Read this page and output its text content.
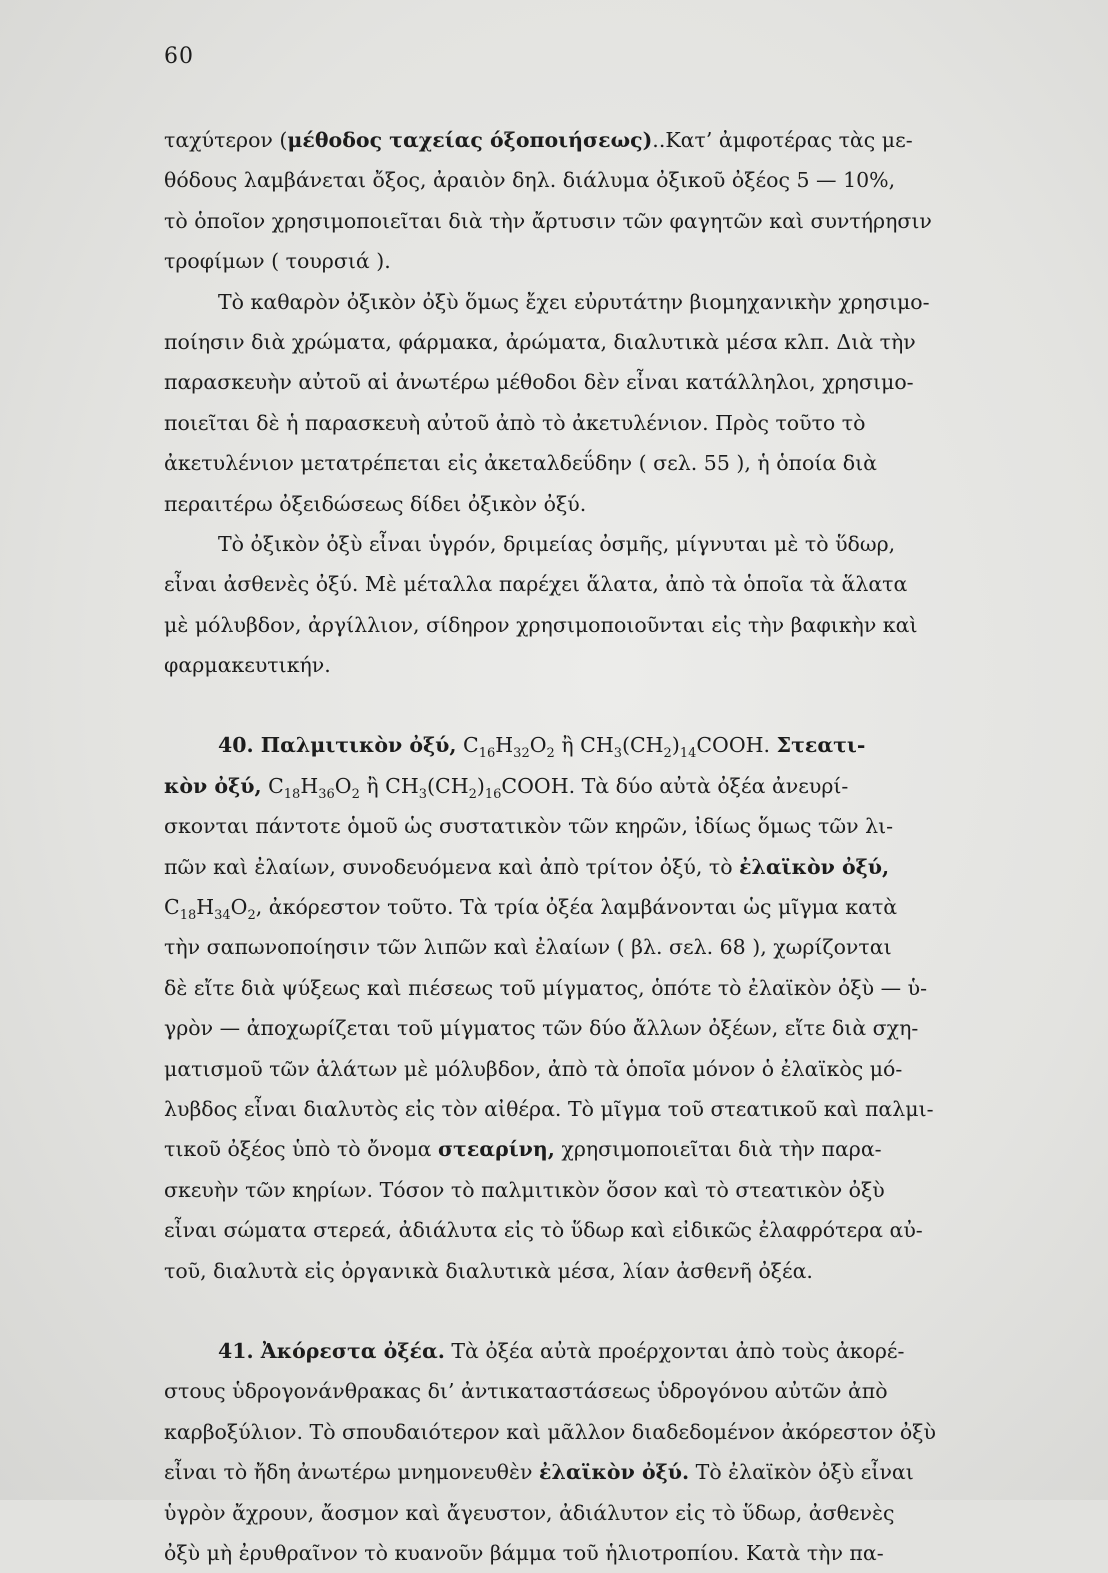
60
ταχύτερον (μέθοδος ταχείας όξοποιήσεως)..Κατ’ ἀμφοτέρας τὰς με-
θόδους λαμβάνεται ὄξος, ἀραιὸν δηλ. διάλυμα ὀξικοῦ ὀξέος 5 — 10%,
τὸ ὁποῖον χρησιμοποιεῖται διὰ τὴν ἄρτυσιν τῶν φαγητῶν καὶ συντήρησιν
τροφίμων ( τουρσιά ).
Τὸ καθαρὸν ὀξικὸν ὀξὺ ὅμως ἔχει εὐρυτάτην βιομηχανικὴν χρησιμο-
ποίησιν διὰ χρώματα, φάρμακα, ἀρώματα, διαλυτικὰ μέσα κλπ. Διὰ τὴν
παρασκευὴν αὐτοῦ αἱ ἀνωτέρω μέθοδοι δὲν εἶναι κατάλληλοι, χρησιμο-
ποιεῖται δὲ ἡ παρασκευὴ αὐτοῦ ἀπὸ τὸ ἀκετυλένιον. Πρὸς τοῦτο τὸ
ἀκετυλένιον μετατρέπεται εἰς ἀκεταλδεΰδην ( σελ. 55 ), ἡ ὁποία διὰ
περαιτέρω ὀξειδώσεως δίδει ὀξικὸν ὀξύ.
Τὸ ὀξικὸν ὀξὺ εἶναι ὑγρόν, δριμείας ὀσμῆς, μίγνυται μὲ τὸ ὕδωρ,
εἶναι ἀσθενὲς ὀξύ. Μὲ μέταλλα παρέχει ἅλατα, ἀπὸ τὰ ὁποῖα τὰ ἅλατα
μὲ μόλυβδον, ἀργίλλιον, σίδηρον χρησιμοποιοῦνται εἰς τὴν βαφικὴν καὶ
φαρμακευτικήν.
40. Παλμιτικὸν ὀξύ, $C_{16}H_{32}O_2$ ἢ $CH_3(CH_2)_{14}COOH$. Στεατι-
κὸν ὀξύ, $C_{18}H_{36}O_2$ ἢ $CH_3(CH_2)_{16}COOH$. Τὰ δύο αὐτὰ ὀξέα ἀνευρί-
σκονται πάντοτε ὁμοῦ ὡς συστατικὸν τῶν κηρῶν, ἰδίως ὅμως τῶν λι-
πῶν καὶ ἐλαίων, συνοδευόμενα καὶ ἀπὸ τρίτον ὀξύ, τὸ ἐλαϊκὸν ὀξύ,
$C_{18}H_{34}O_2$, ἀκόρεστον τοῦτο. Τὰ τρία ὀξέα λαμβάνονται ὡς μῖγμα κατὰ
τὴν σαπωνοποίησιν τῶν λιπῶν καὶ ἐλαίων ( βλ. σελ. 68 ), χωρίζονται
δὲ εἴτε διὰ ψύξεως καὶ πιέσεως τοῦ μίγματος, ὁπότε τὸ ἐλαϊκὸν ὀξὺ — ὑ-
γρὸν — ἀποχωρίζεται τοῦ μίγματος τῶν δύο ἄλλων ὀξέων, εἴτε διὰ σχη-
ματισμοῦ τῶν ἁλάτων μὲ μόλυβδον, ἀπὸ τὰ ὁποῖα μόνον ὁ ἐλαϊκὸς μό-
λυβδος εἶναι διαλυτὸς εἰς τὸν αἰθέρα. Τὸ μῖγμα τοῦ στεατικοῦ καὶ παλμι-
τικοῦ ὀξέος ὑπὸ τὸ ὄνομα στεαρίνη, χρησιμοποιεῖται διὰ τὴν παρα-
σκευὴν τῶν κηρίων. Τόσον τὸ παλμιτικὸν ὅσον καὶ τὸ στεατικὸν ὀξὺ
εἶναι σώματα στερεά, ἀδιάλυτα εἰς τὸ ὕδωρ καὶ εἰδικῶς ἐλαφρότερα αὐ-
τοῦ, διαλυτὰ εἰς ὀργανικὰ διαλυτικὰ μέσα, λίαν ἀσθενῆ ὀξέα.
41. Ἀκόρεστα ὀξέα. Τὰ ὀξέα αὐτὰ προέρχονται ἀπὸ τοὺς ἀκορέ-
στους ὑδρογονάνθρακας δι’ ἀντικαταστάσεως ὑδρογόνου αὐτῶν ἀπὸ
καρβοξύλιον. Τὸ σπουδαιότερον καὶ μᾶλλον διαδεδομένον ἀκόρεστον ὀξὺ
εἶναι τὸ ἤδη ἀνωτέρω μνημονευθὲν ἐλαϊκὸν ὀξύ. Τὸ ἐλαϊκὸν ὀξὺ εἶναι
ὑγρὸν ἄχρουν, ἄοσμον καὶ ἄγευστον, ἀδιάλυτον εἰς τὸ ὕδωρ, ἀσθενὲς
ὀξὺ μὴ ἐρυθραῖνον τὸ κυανοῦν βάμμα τοῦ ἡλιοτροπίου. Κατὰ τὴν πα-
